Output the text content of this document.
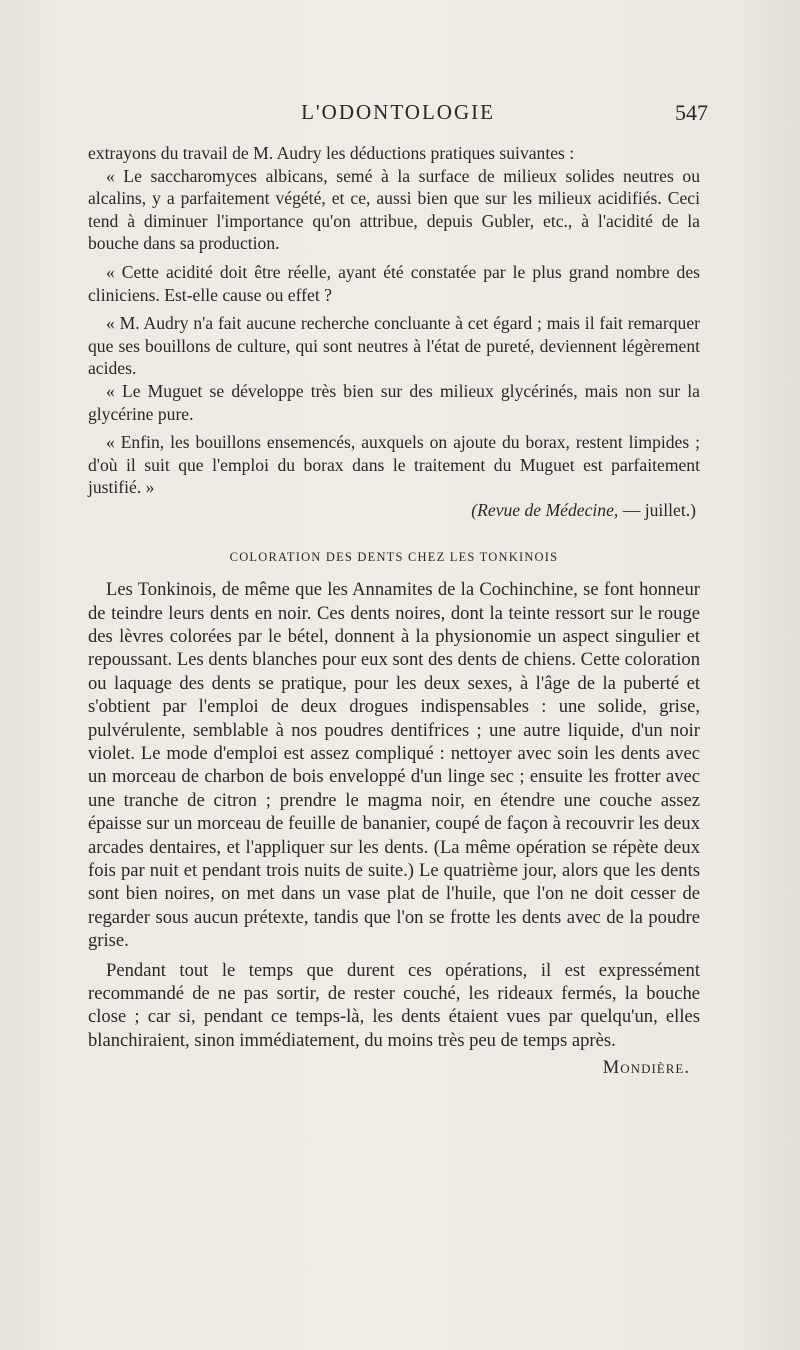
L'ODONTOLOGIE	547

extrayons du travail de M. Audry les déductions pratiques suivantes :

« Le saccharomyces albicans, semé à la surface de milieux solides neutres ou alcalins, y a parfaitement végété, et ce, aussi bien que sur les milieux acidifiés. Ceci tend à diminuer l'importance qu'on attribue, depuis Gubler, etc., à l'acidité de la bouche dans sa production.

« Cette acidité doit être réelle, ayant été constatée par le plus grand nombre des cliniciens. Est-elle cause ou effet ?

« M. Audry n'a fait aucune recherche concluante à cet égard ; mais il fait remarquer que ses bouillons de culture, qui sont neutres à l'état de pureté, deviennent légèrement acides.

« Le Muguet se développe très bien sur des milieux glycérinés, mais non sur la glycérine pure.

« Enfin, les bouillons ensemencés, auxquels on ajoute du borax, restent limpides ; d'où il suit que l'emploi du borax dans le traitement du Muguet est parfaitement justifié. »

(Revue de Médecine, — juillet.)

COLORATION DES DENTS CHEZ LES TONKINOIS

Les Tonkinois, de même que les Annamites de la Cochinchine, se font honneur de teindre leurs dents en noir. Ces dents noires, dont la teinte ressort sur le rouge des lèvres colorées par le bétel, donnent à la physionomie un aspect singulier et repoussant. Les dents blanches pour eux sont des dents de chiens. Cette coloration ou laquage des dents se pratique, pour les deux sexes, à l'âge de la puberté et s'obtient par l'emploi de deux drogues indispensables : une solide, grise, pulvérulente, semblable à nos poudres dentifrices ; une autre liquide, d'un noir violet. Le mode d'emploi est assez compliqué : nettoyer avec soin les dents avec un morceau de charbon de bois enveloppé d'un linge sec ; ensuite les frotter avec une tranche de citron ; prendre le magma noir, en étendre une couche assez épaisse sur un morceau de feuille de bananier, coupé de façon à recouvrir les deux arcades dentaires, et l'appliquer sur les dents. (La même opération se répète deux fois par nuit et pendant trois nuits de suite.) Le quatrième jour, alors que les dents sont bien noires, on met dans un vase plat de l'huile, que l'on ne doit cesser de regarder sous aucun prétexte, tandis que l'on se frotte les dents avec de la poudre grise.

Pendant tout le temps que durent ces opérations, il est expressément recommandé de ne pas sortir, de rester couché, les rideaux fermés, la bouche close ; car si, pendant ce temps-là, les dents étaient vues par quelqu'un, elles blanchiraient, sinon immédiatement, du moins très peu de temps après.

Mondière.
